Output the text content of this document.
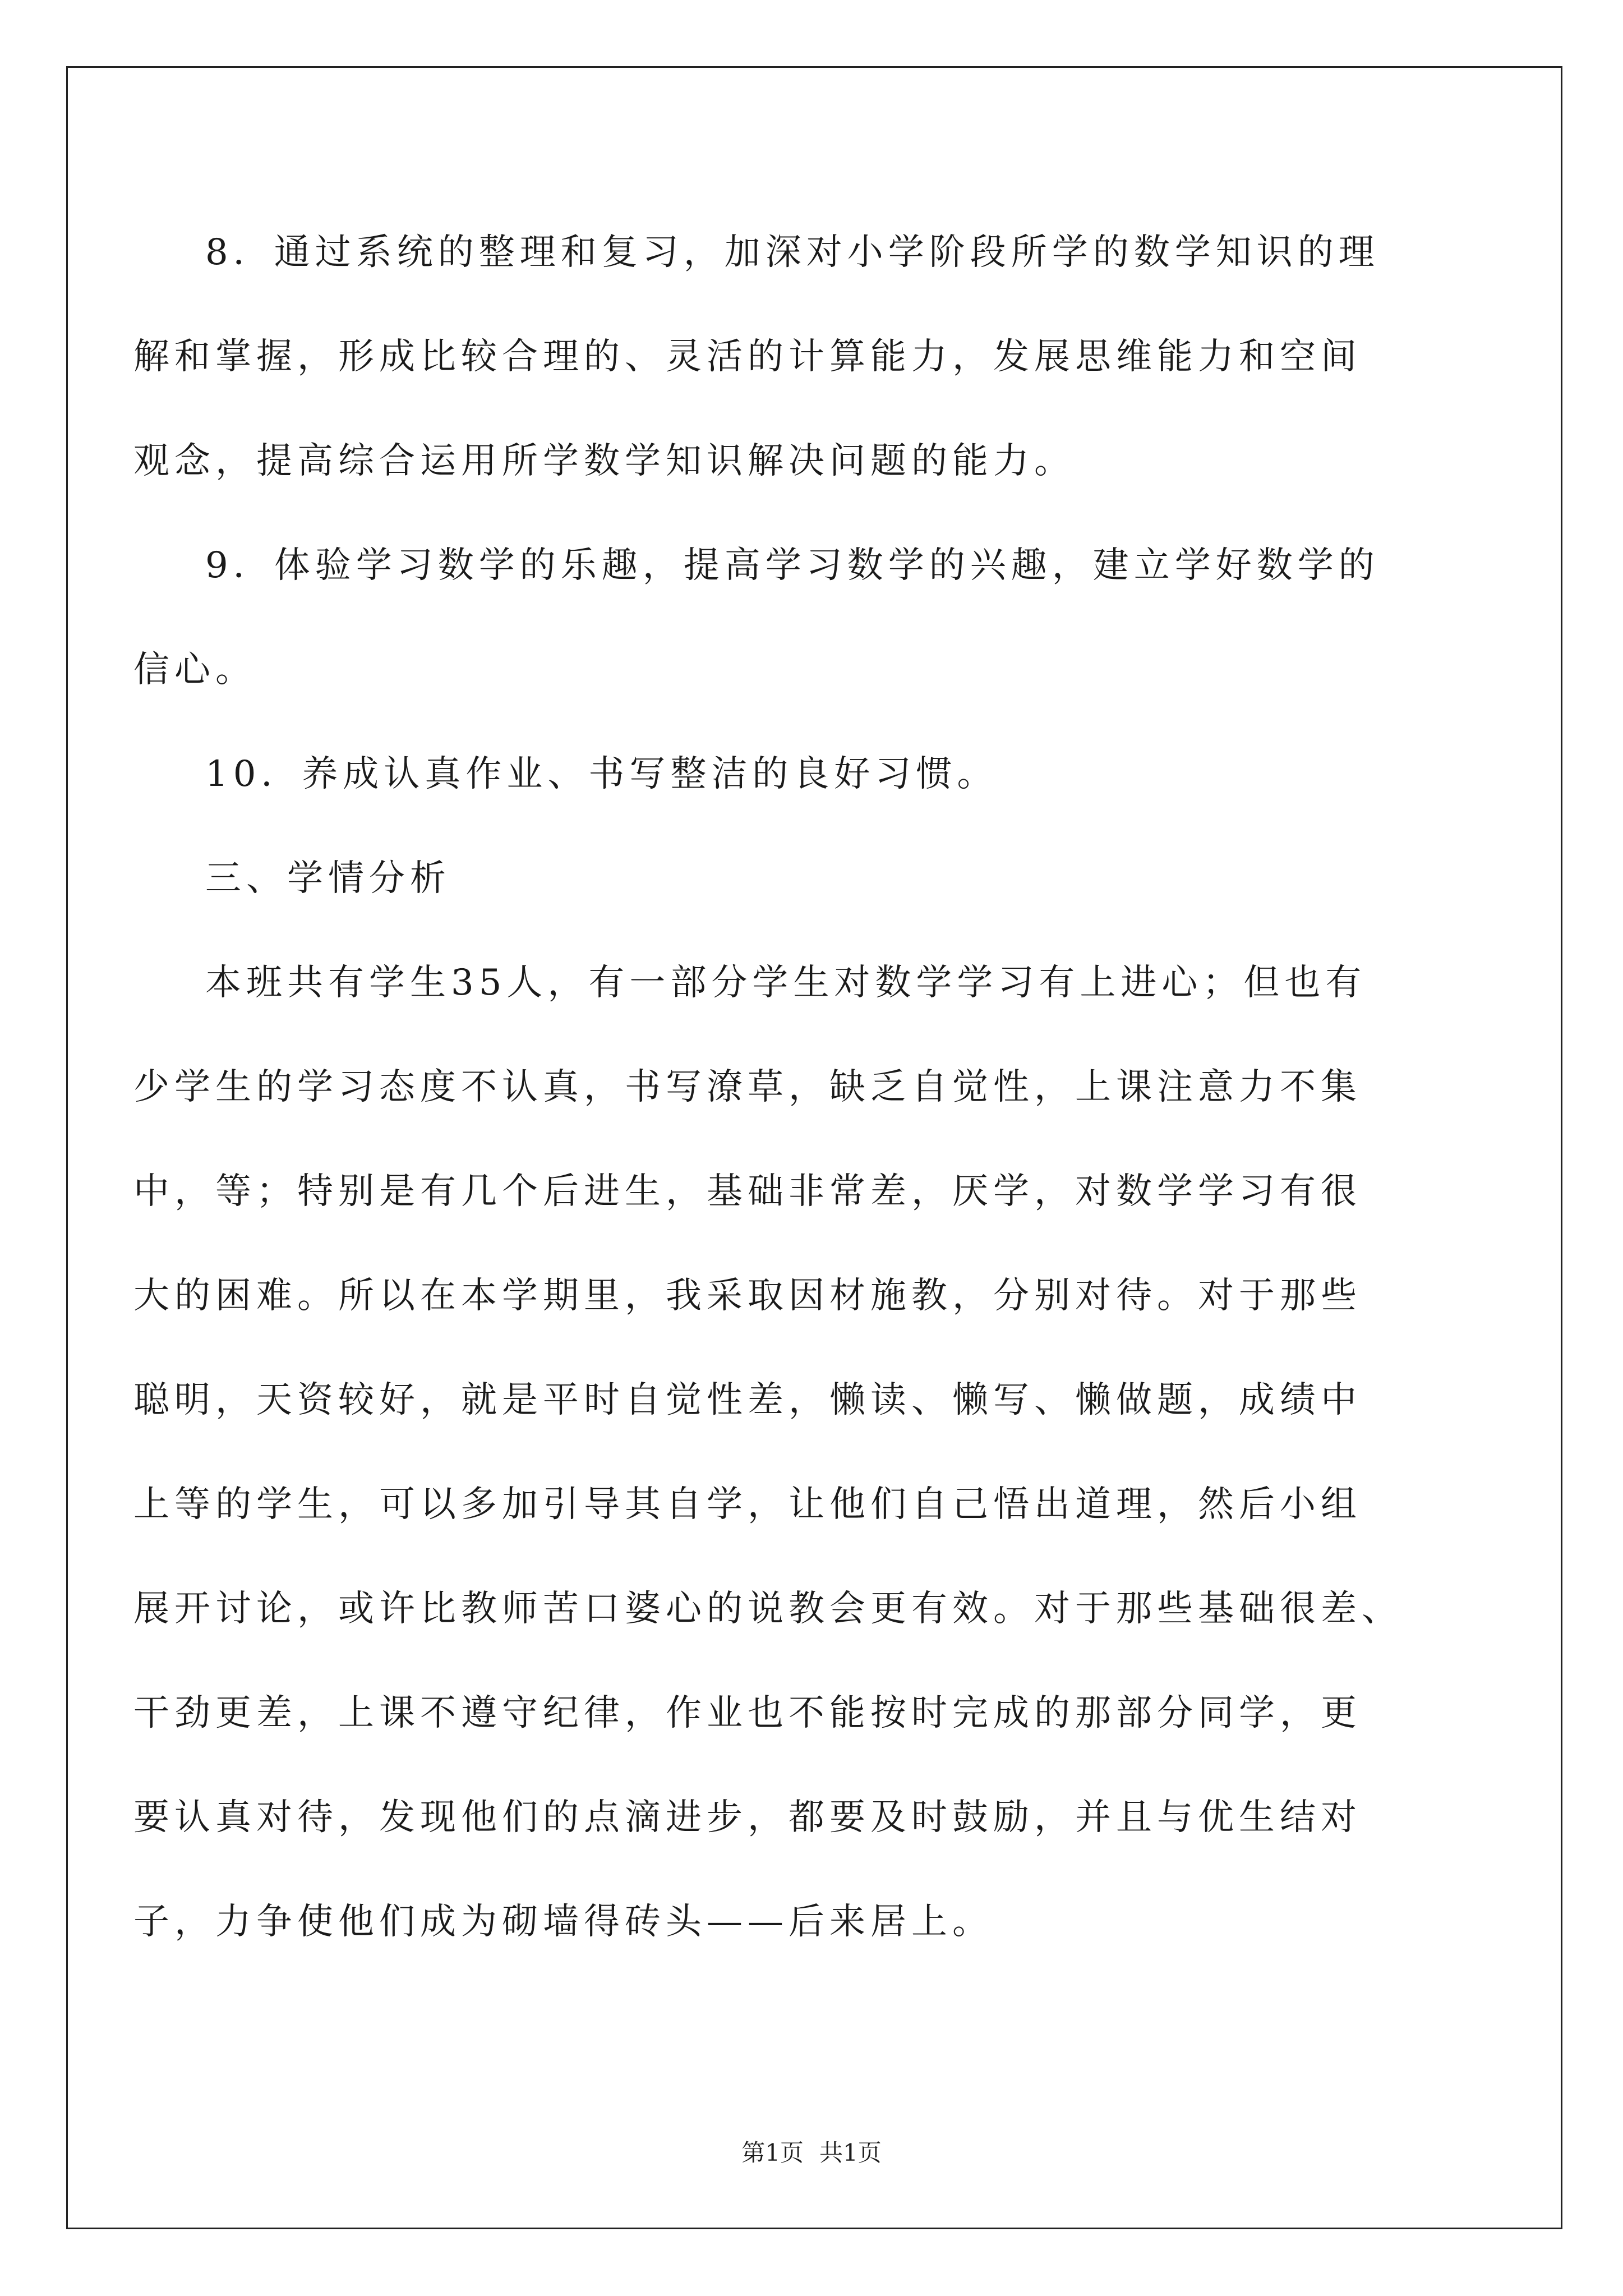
8．通过系统的整理和复习，加深对小学阶段所学的数学知识的理
解和掌握，形成比较合理的、灵活的计算能力，发展思维能力和空间
观念，提高综合运用所学数学知识解决问题的能力。
9．体验学习数学的乐趣，提高学习数学的兴趣，建立学好数学的
信心。
10．养成认真作业、书写整洁的良好习惯。
三、学情分析
本班共有学生35人，有一部分学生对数学学习有上进心；但也有
少学生的学习态度不认真，书写潦草，缺乏自觉性，上课注意力不集
中，等；特别是有几个后进生，基础非常差，厌学，对数学学习有很
大的困难。所以在本学期里，我采取因材施教，分别对待。对于那些
聪明，天资较好，就是平时自觉性差，懒读、懒写、懒做题，成绩中
上等的学生，可以多加引导其自学，让他们自己悟出道理，然后小组
展开讨论，或许比教师苦口婆心的说教会更有效。对于那些基础很差、
干劲更差，上课不遵守纪律，作业也不能按时完成的那部分同学，更
要认真对待，发现他们的点滴进步，都要及时鼓励，并且与优生结对
子，力争使他们成为砌墙得砖头——后来居上。
第1页 共1页
